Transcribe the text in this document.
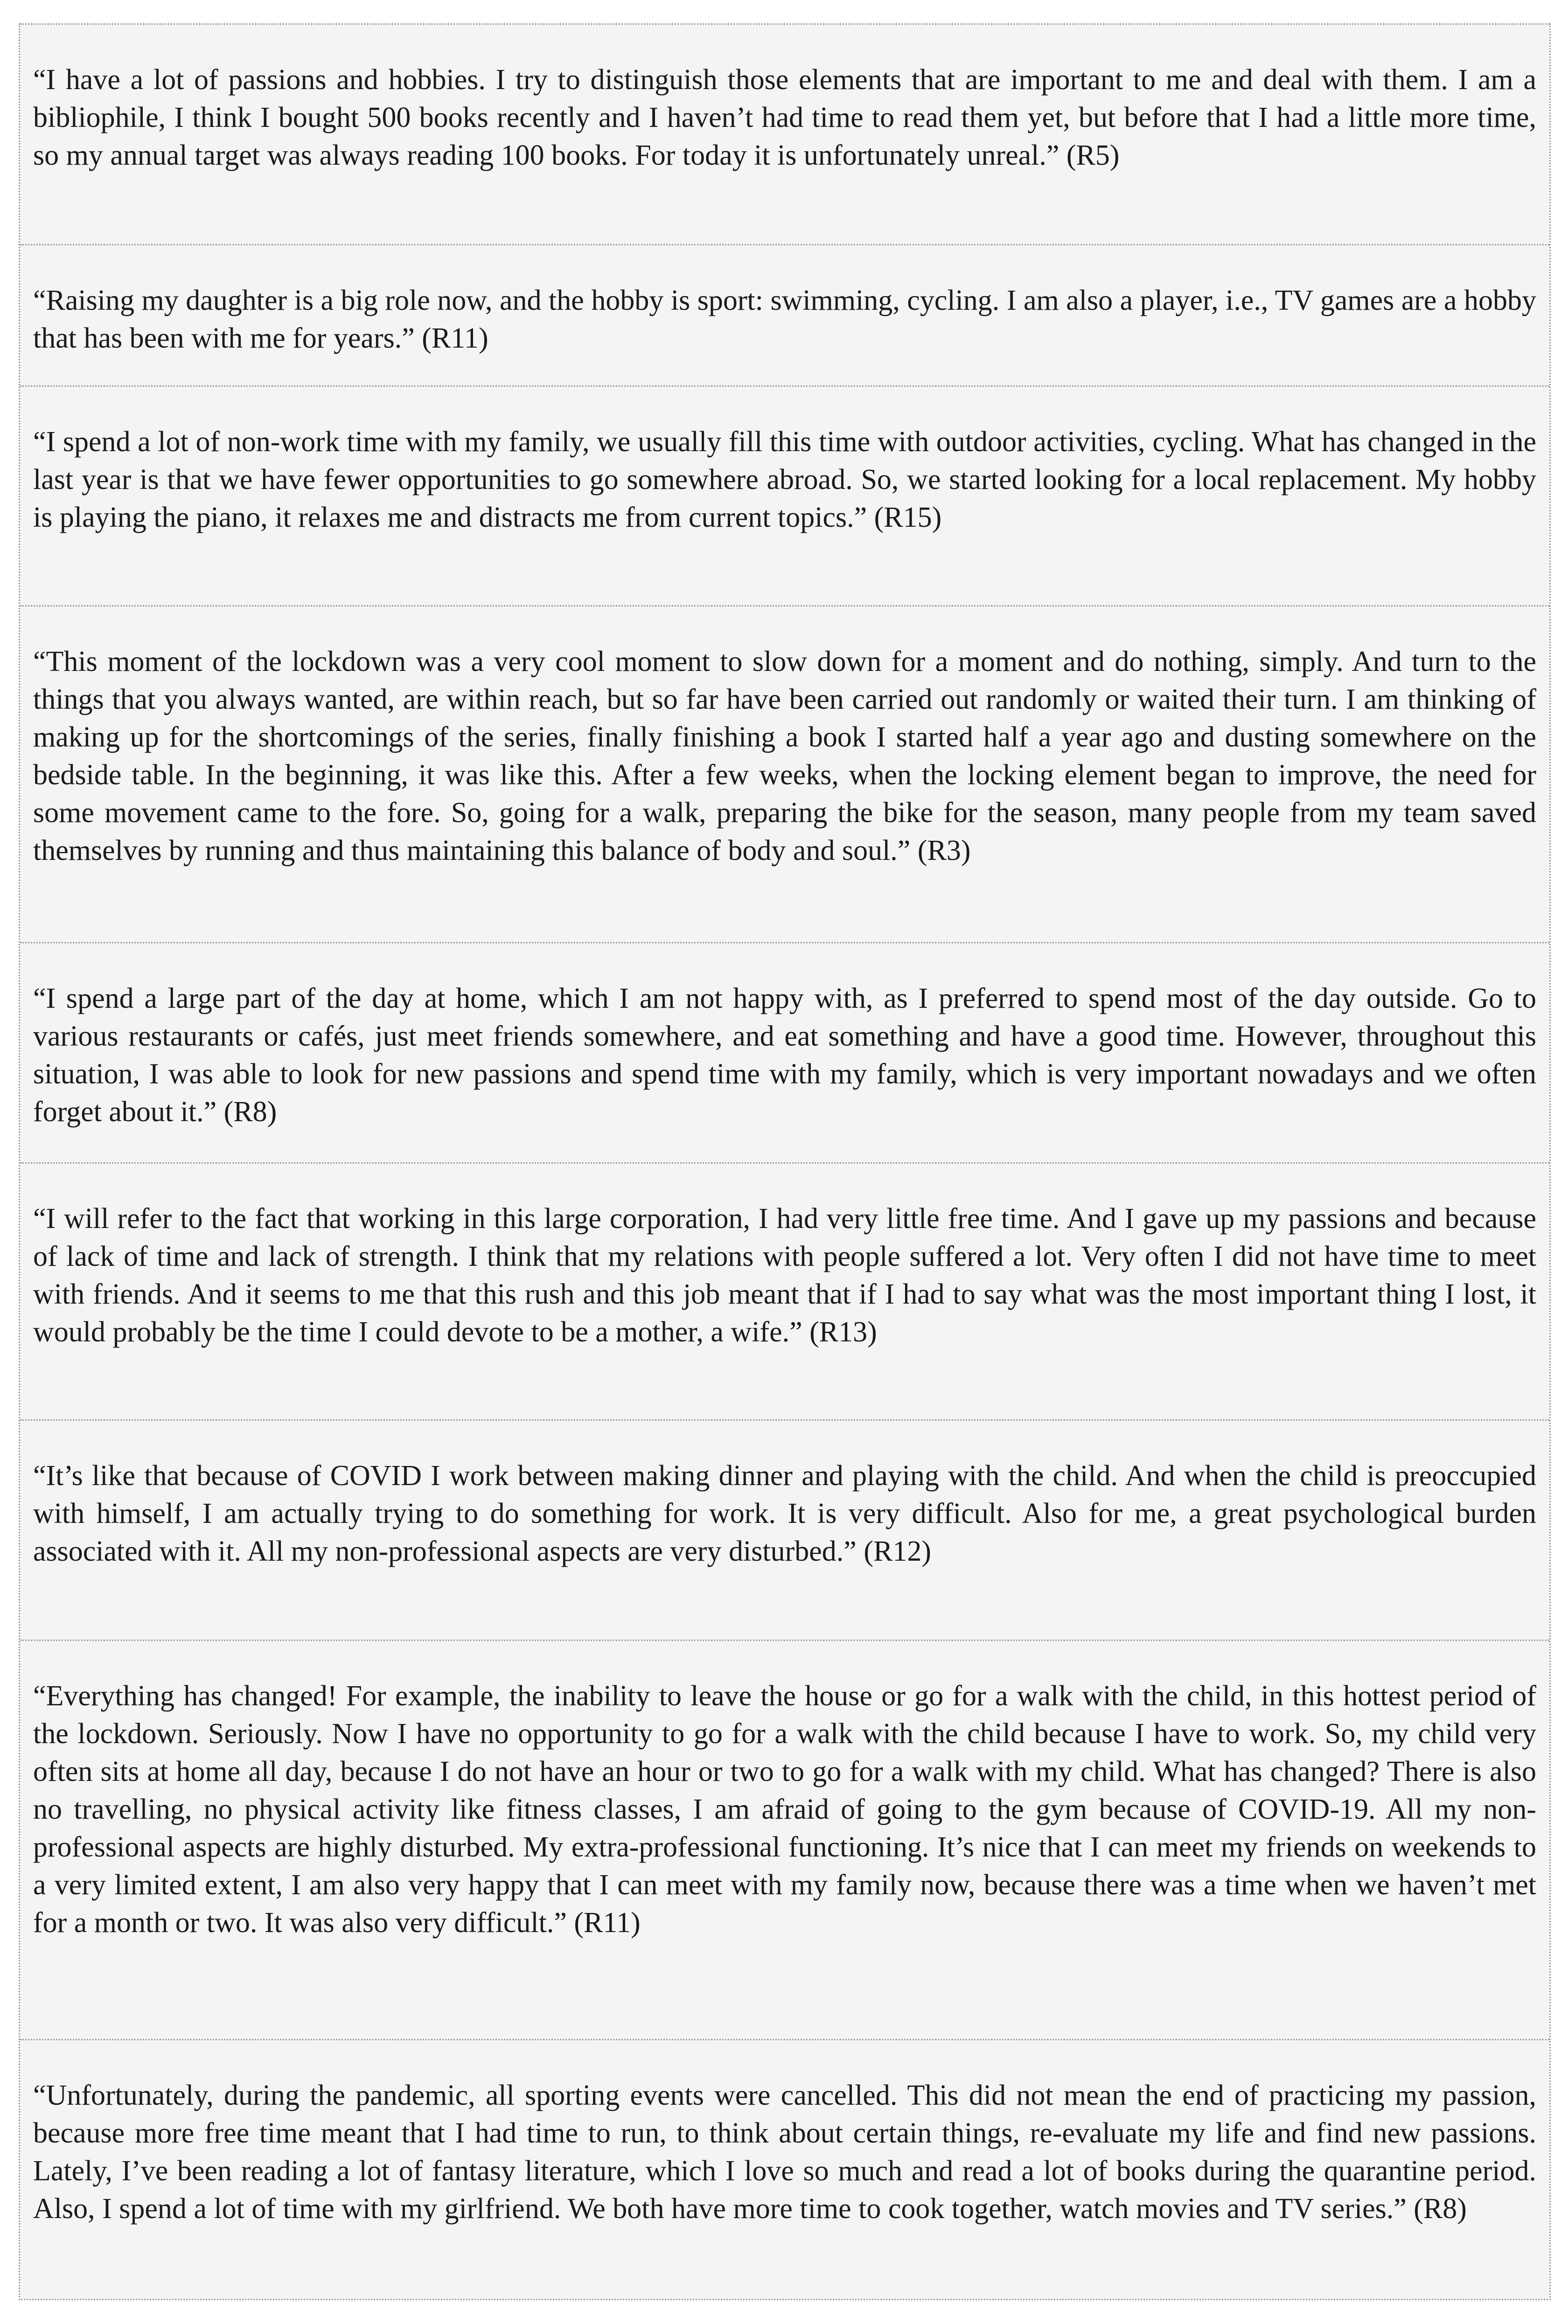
“I have a lot of passions and hobbies. I try to distinguish those elements that are important to me and deal with them. I am a bibliophile, I think I bought 500 books recently and I haven’t had time to read them yet, but before that I had a little more time, so my annual target was always reading 100 books. For today it is unfortunately unreal.” (R5)

“Raising my daughter is a big role now, and the hobby is sport: swimming, cycling. I am also a player, i.e., TV games are a hobby that has been with me for years.” (R11)

“I spend a lot of non-work time with my family, we usually fill this time with outdoor activities, cycling. What has changed in the last year is that we have fewer opportunities to go somewhere abroad. So, we started looking for a local replacement. My hobby is playing the piano, it relaxes me and distracts me from current topics.” (R15)

“This moment of the lockdown was a very cool moment to slow down for a moment and do nothing, simply. And turn to the things that you always wanted, are within reach, but so far have been carried out randomly or waited their turn. I am thinking of making up for the shortcomings of the series, finally finishing a book I started half a year ago and dusting somewhere on the bedside table. In the beginning, it was like this. After a few weeks, when the locking element began to improve, the need for some movement came to the fore. So, going for a walk, preparing the bike for the season, many people from my team saved themselves by running and thus maintaining this balance of body and soul.” (R3)

“I spend a large part of the day at home, which I am not happy with, as I preferred to spend most of the day outside. Go to various restaurants or cafés, just meet friends somewhere, and eat something and have a good time. However, throughout this situation, I was able to look for new passions and spend time with my family, which is very important nowadays and we often forget about it.” (R8)

“I will refer to the fact that working in this large corporation, I had very little free time. And I gave up my passions and because of lack of time and lack of strength. I think that my relations with people suffered a lot. Very often I did not have time to meet with friends. And it seems to me that this rush and this job meant that if I had to say what was the most important thing I lost, it would probably be the time I could devote to be a mother, a wife.” (R13)

“It’s like that because of COVID I work between making dinner and playing with the child. And when the child is preoccupied with himself, I am actually trying to do something for work. It is very difficult. Also for me, a great psychological burden associated with it. All my non-professional aspects are very disturbed.” (R12)

“Everything has changed! For example, the inability to leave the house or go for a walk with the child, in this hottest period of the lockdown. Seriously. Now I have no opportunity to go for a walk with the child because I have to work. So, my child very often sits at home all day, because I do not have an hour or two to go for a walk with my child. What has changed? There is also no travelling, no physical activity like fitness classes, I am afraid of going to the gym because of COVID-19. All my non-professional aspects are highly disturbed. My extra-professional functioning. It’s nice that I can meet my friends on weekends to a very limited extent, I am also very happy that I can meet with my family now, because there was a time when we haven’t met for a month or two. It was also very difficult.” (R11)

“Unfortunately, during the pandemic, all sporting events were cancelled. This did not mean the end of practicing my passion, because more free time meant that I had time to run, to think about certain things, re-evaluate my life and find new passions. Lately, I’ve been reading a lot of fantasy literature, which I love so much and read a lot of books during the quarantine period. Also, I spend a lot of time with my girlfriend. We both have more time to cook together, watch movies and TV series.” (R8)
